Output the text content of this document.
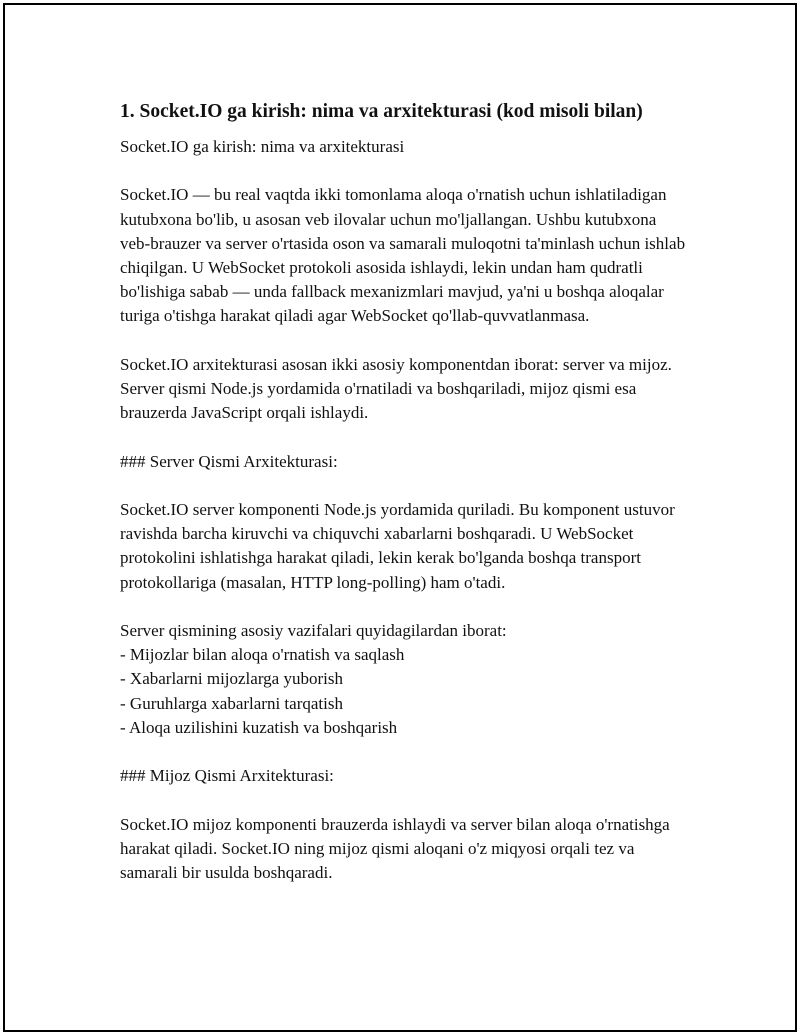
1. Socket.IO ga kirish: nima va arxitekturasi (kod misoli bilan)

Socket.IO ga kirish: nima va arxitekturasi

Socket.IO — bu real vaqtda ikki tomonlama aloqa o'rnatish uchun ishlatiladigan kutubxona bo'lib, u asosan veb ilovalar uchun mo'ljallangan. Ushbu kutubxona veb-brauzer va server o'rtasida oson va samarali muloqotni ta'minlash uchun ishlab chiqilgan. U WebSocket protokoli asosida ishlaydi, lekin undan ham qudratli bo'lishiga sabab — unda fallback mexanizmlari mavjud, ya'ni u boshqa aloqalar turiga o'tishga harakat qiladi agar WebSocket qo'llab-quvvatlanmasa.

Socket.IO arxitekturasi asosan ikki asosiy komponentdan iborat: server va mijoz. Server qismi Node.js yordamida o'rnatiladi va boshqariladi, mijoz qismi esa brauzerda JavaScript orqali ishlaydi.

### Server Qismi Arxitekturasi:

Socket.IO server komponenti Node.js yordamida quriladi. Bu komponent ustuvor ravishda barcha kiruvchi va chiquvchi xabarlarni boshqaradi. U WebSocket protokolini ishlatishga harakat qiladi, lekin kerak bo'lganda boshqa transport protokollariga (masalan, HTTP long-polling) ham o'tadi.

Server qismining asosiy vazifalari quyidagilardan iborat:

- Mijozlar bilan aloqa o'rnatish va saqlash
- Xabarlarni mijozlarga yuborish
- Guruhlarga xabarlarni tarqatish
- Aloqa uzilishini kuzatish va boshqarish

### Mijoz Qismi Arxitekturasi:

Socket.IO mijoz komponenti brauzerda ishlaydi va server bilan aloqa o'rnatishga harakat qiladi. Socket.IO ning mijoz qismi aloqani o'z miqyosi orqali tez va samarali bir usulda boshqaradi.
